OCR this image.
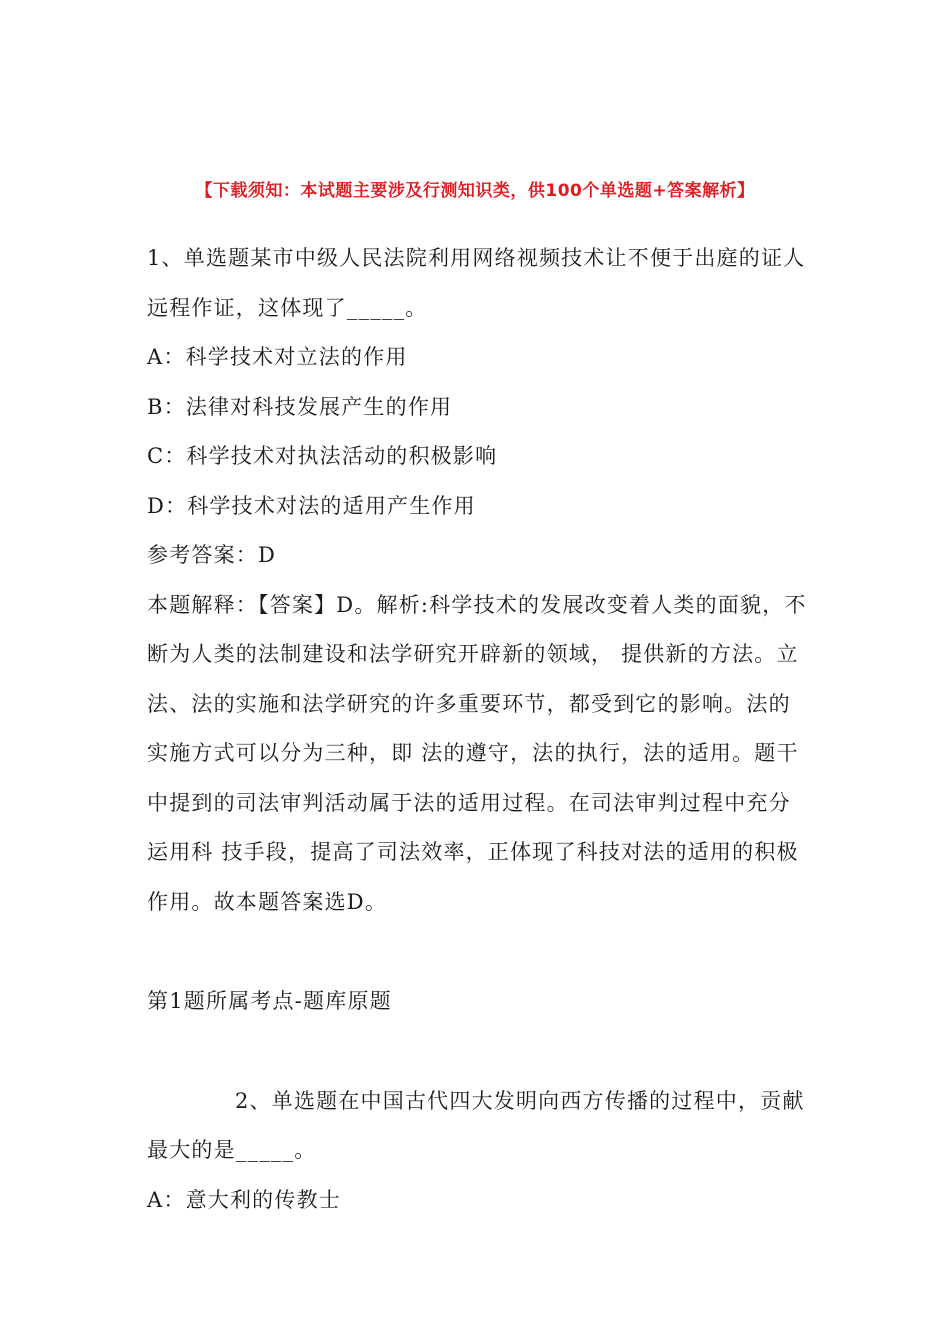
【下载须知：本试题主要涉及行测知识类，供100个单选题+答案解析】

1、单选题某市中级人民法院利用网络视频技术让不便于出庭的证人远程作证，这体现了_____。

A：科学技术对立法的作用

B：法律对科技发展产生的作用

C：科学技术对执法活动的积极影响

D：科学技术对法的适用产生作用

参考答案：D

本题解释：【答案】D。解析:科学技术的发展改变着人类的面貌，不断为人类的法制建设和法学研究开辟新的领域， 提供新的方法。立法、法的实施和法学研究的许多重要环节，都受到它的影响。法的实施方式可以分为三种，即 法的遵守，法的执行，法的适用。题干中提到的司法审判活动属于法的适用过程。在司法审判过程中充分运用科 技手段，提高了司法效率，正体现了科技对法的适用的积极作用。故本题答案选D。

第1题所属考点-题库原题

2、单选题在中国古代四大发明向西方传播的过程中，贡献最大的是_____。

A：意大利的传教士
